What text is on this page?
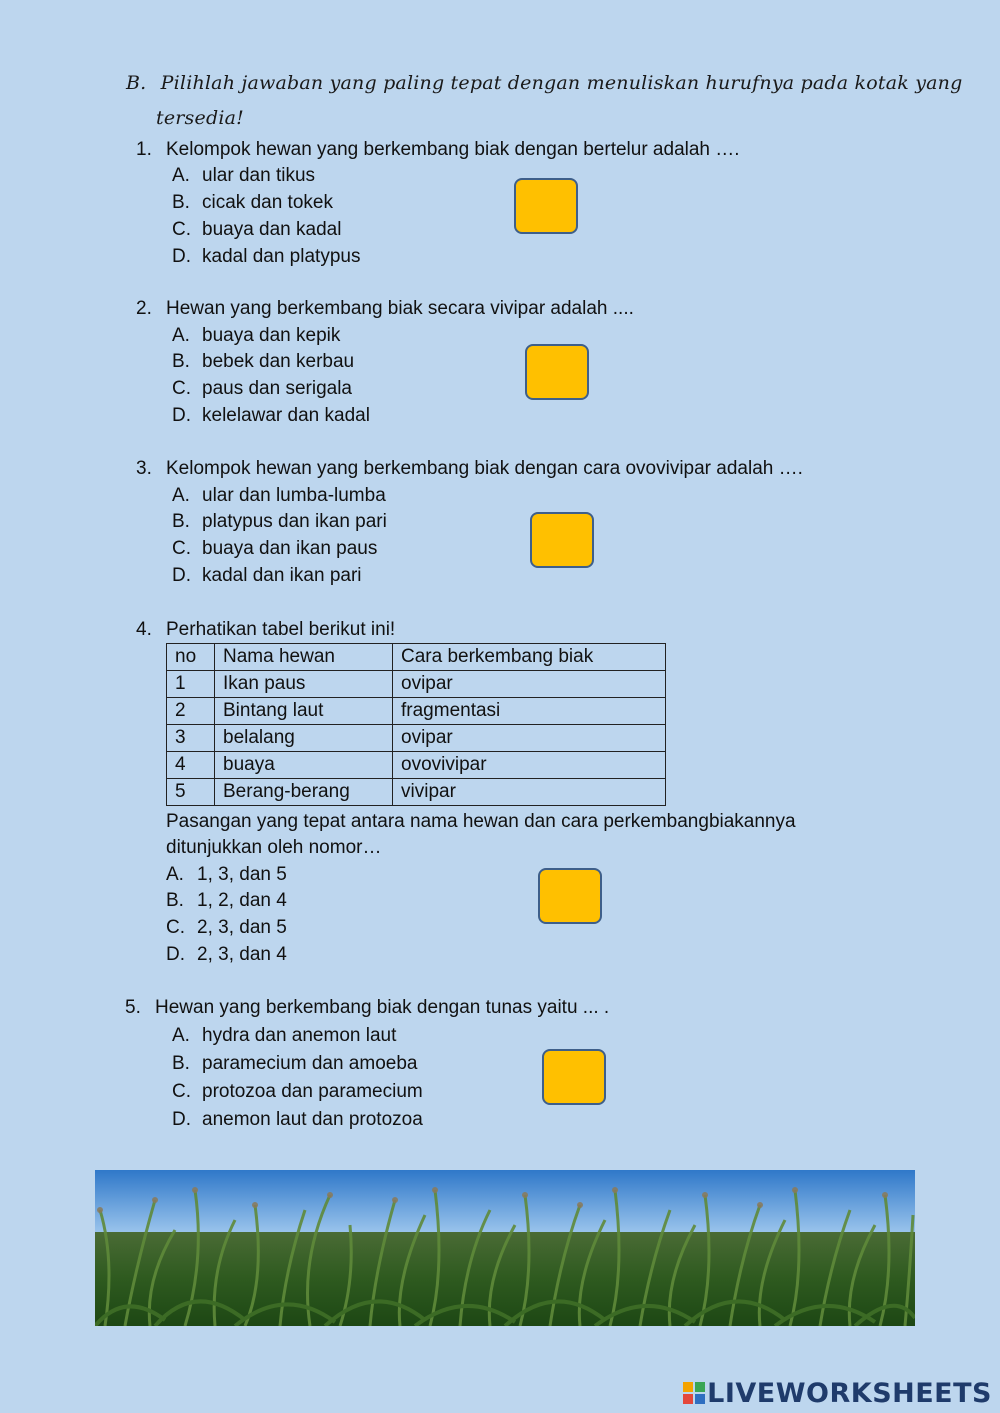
B. Pilihlah jawaban yang paling tepat dengan menuliskan hurufnya pada kotak yang
tersedia!
1. Kelompok hewan yang berkembang biak dengan bertelur adalah ….
A. ular dan tikus
B. cicak dan tokek
C. buaya dan kadal
D. kadal dan platypus
2. Hewan yang berkembang biak secara vivipar adalah ....
A. buaya dan kepik
B. bebek dan kerbau
C. paus dan serigala
D. kelelawar dan kadal
3. Kelompok hewan yang berkembang biak dengan cara ovovivipar adalah ….
A. ular dan lumba-lumba
B. platypus dan ikan pari
C. buaya dan ikan paus
D. kadal dan ikan pari
4. Perhatikan tabel berikut ini!
no	Nama hewan	Cara berkembang biak
1	Ikan paus	ovipar
2	Bintang laut	fragmentasi
3	belalang	ovipar
4	buaya	ovovivipar
5	Berang-berang	vivipar
Pasangan yang tepat antara nama hewan dan cara perkembangbiakannya
ditunjukkan oleh nomor…
A. 1, 3, dan 5
B. 1, 2, dan 4
C. 2, 3, dan 5
D. 2, 3, dan 4
5. Hewan yang berkembang biak dengan tunas yaitu ... .
A. hydra dan anemon laut
B. paramecium dan amoeba
C. protozoa dan paramecium
D. anemon laut dan protozoa
LIVEWORKSHEETS
